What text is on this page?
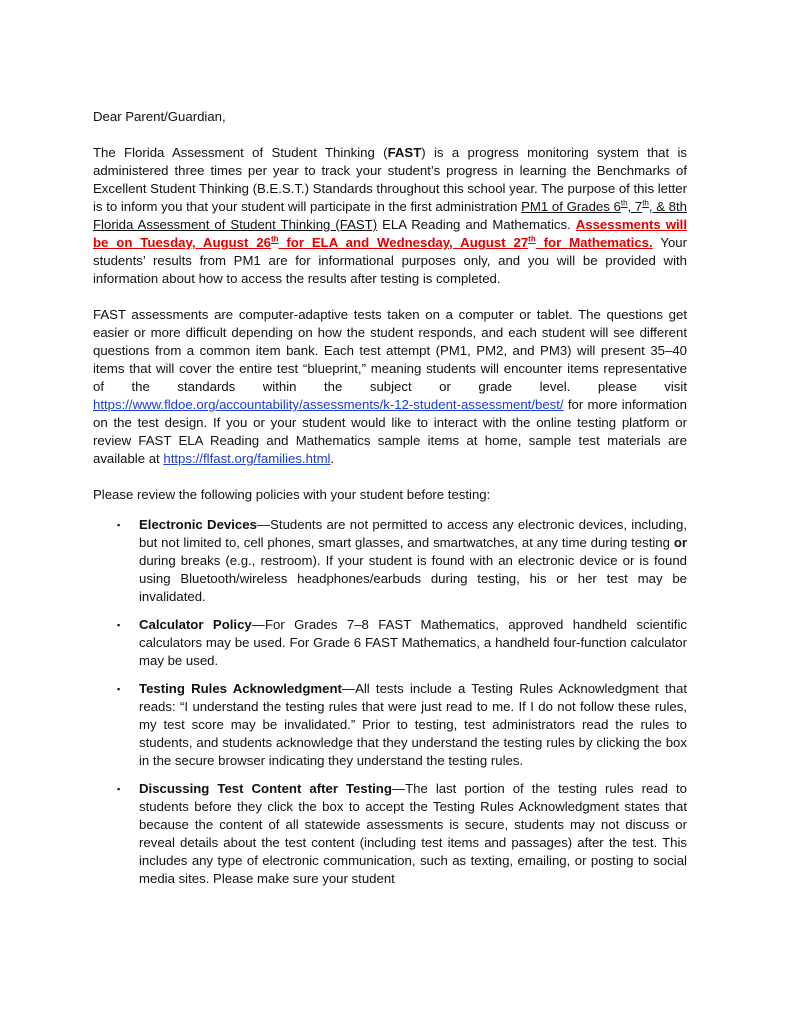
Dear Parent/Guardian,

The Florida Assessment of Student Thinking (FAST) is a progress monitoring system that is administered three times per year to track your student’s progress in learning the Benchmarks of Excellent Student Thinking (B.E.S.T.) Standards throughout this school year. The purpose of this letter is to inform you that your student will participate in the first administration PM1 of Grades 6th, 7th, & 8th Florida Assessment of Student Thinking (FAST) ELA Reading and Mathematics. Assessments will be on Tuesday, August 26th for ELA and Wednesday, August 27th for Mathematics. Your students’ results from PM1 are for informational purposes only, and you will be provided with information about how to access the results after testing is completed.

FAST assessments are computer-adaptive tests taken on a computer or tablet. The questions get easier or more difficult depending on how the student responds, and each student will see different questions from a common item bank. Each test attempt (PM1, PM2, and PM3) will present 35–40 items that will cover the entire test “blueprint,” meaning students will encounter items representative of the standards within the subject or grade level. please visit https://www.fldoe.org/accountability/assessments/k-12-student-assessment/best/ for more information on the test design. If you or your student would like to interact with the online testing platform or review FAST ELA Reading and Mathematics sample items at home, sample test materials are available at https://flfast.org/families.html.

Please review the following policies with your student before testing:

▪ Electronic Devices—Students are not permitted to access any electronic devices, including, but not limited to, cell phones, smart glasses, and smartwatches, at any time during testing or during breaks (e.g., restroom). If your student is found with an electronic device or is found using Bluetooth/wireless headphones/earbuds during testing, his or her test may be invalidated.
▪ Calculator Policy—For Grades 7–8 FAST Mathematics, approved handheld scientific calculators may be used. For Grade 6 FAST Mathematics, a handheld four-function calculator may be used.
▪ Testing Rules Acknowledgment—All tests include a Testing Rules Acknowledgment that reads: “I understand the testing rules that were just read to me. If I do not follow these rules, my test score may be invalidated.” Prior to testing, test administrators read the rules to students, and students acknowledge that they understand the testing rules by clicking the box in the secure browser indicating they understand the testing rules.
▪ Discussing Test Content after Testing—The last portion of the testing rules read to students before they click the box to accept the Testing Rules Acknowledgment states that because the content of all statewide assessments is secure, students may not discuss or reveal details about the test content (including test items and passages) after the test. This includes any type of electronic communication, such as texting, emailing, or posting to social media sites. Please make sure your student
